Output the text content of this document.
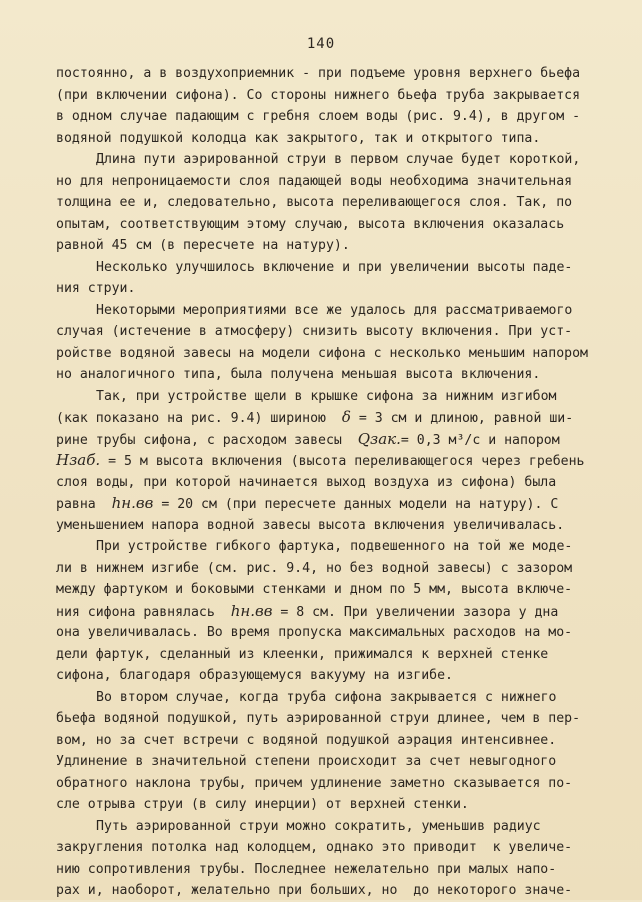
140
постоянно, а в воздухоприемник - при подъеме уровня верхнего бьефа
(при включении сифона). Со стороны нижнего бьефа труба закрывается
в одном случае падающим с гребня слоем воды (рис. 9.4), в другом -
водяной подушкой колодца как закрытого, так и открытого типа.
Длина пути аэрированной струи в первом случае будет короткой,
но для непроницаемости слоя падающей воды необходима значительная
толщина ее и, следовательно, высота переливающегося слоя. Так, по
опытам, соответствующим этому случаю, высота включения оказалась
равной 45 см (в пересчете на натуру).
Несколько улучшилось включение и при увеличении высоты паде-
ния струи.
Некоторыми мероприятиями все же удалось для рассматриваемого
случая (истечение в атмосферу) снизить высоту включения. При уст-
ройстве водяной завесы на модели сифона с несколько меньшим напором
но аналогичного типа, была получена меньшая высота включения.
Так, при устройстве щели в крышке сифона за нижним изгибом
(как показано на рис. 9.4) шириною δ = 3 см и длиною, равной ши-
рине трубы сифона, с расходом завесы Qзак.= 0,3 м³/с и напором
Hзаб. = 5 м высота включения (высота переливающегося через гребень
слоя воды, при которой начинается выход воздуха из сифона) была
равна hн.вв = 20 см (при пересчете данных модели на натуру). С
уменьшением напора водной завесы высота включения увеличивалась.
При устройстве гибкого фартука, подвешенного на той же моде-
ли в нижнем изгибе (см. рис. 9.4, но без водной завесы) с зазором
между фартуком и боковыми стенками и дном по 5 мм, высота включе-
ния сифона равнялась hн.вв = 8 см. При увеличении зазора у дна
она увеличивалась. Во время пропуска максимальных расходов на мо-
дели фартук, сделанный из клеенки, прижимался к верхней стенке
сифона, благодаря образующемуся вакууму на изгибе.
Во втором случае, когда труба сифона закрывается с нижнего
бьефа водяной подушкой, путь аэрированной струи длинее, чем в пер-
вом, но за счет встречи с водяной подушкой аэрация интенсивнее.
Удлинение в значительной степени происходит за счет невыгодного
обратного наклона трубы, причем удлинение заметно сказывается по-
сле отрыва струи (в силу инерции) от верхней стенки.
Путь аэрированной струи можно сократить, уменьшив радиус
закругления потолка над колодцем, однако это приводит  к увеличе-
нию сопротивления трубы. Последнее нежелательно при малых напо-
рах и, наоборот, желательно при больших, но  до некоторого значе-
